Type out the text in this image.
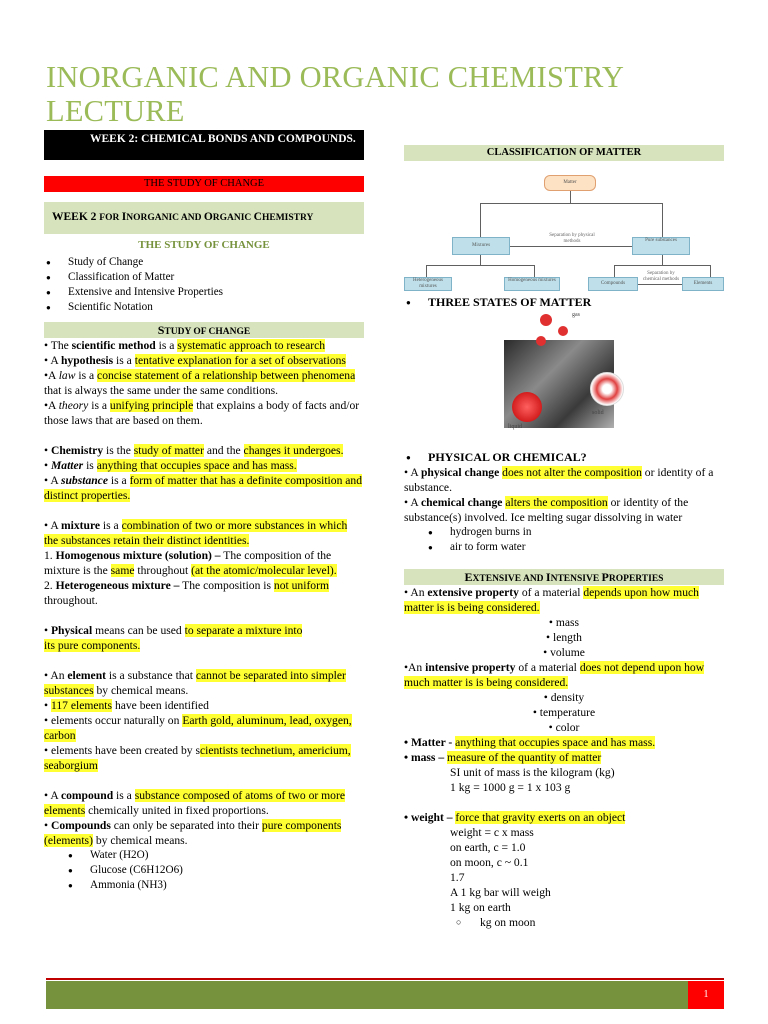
INORGANIC AND ORGANIC CHEMISTRY LECTURE
WEEK 2: CHEMICAL BONDS AND COMPOUNDS.
THE STUDY OF CHANGE
WEEK 2 FOR INORGANIC AND ORGANIC CHEMISTRY
THE STUDY OF CHANGE
● Study of Change
● Classification of Matter
● Extensive and Intensive Properties
● Scientific Notation
STUDY OF CHANGE

• The scientific method is a systematic approach to research

• A hypothesis is a tentative explanation for a set of observations

•A law is a concise statement of a relationship between phenomena that is always the same under the same conditions.

•A theory is a unifying principle that explains a body of facts and/or those laws that are based on them.

• Chemistry is the study of matter and the changes it undergoes.

• Matter is anything that occupies space and has mass.

• A substance is a form of matter that has a definite composition and distinct properties.

• A mixture is a combination of two or more substances in which the substances retain their distinct identities.

1. Homogenous mixture (solution) – The composition of the mixture is the same throughout (at the atomic/molecular level).

2. Heterogeneous mixture – The composition is not uniform throughout.

• Physical means can be used to separate a mixture into its pure components.

• An element is a substance that cannot be separated into simpler substances by chemical means.

• 117 elements have been identified

• elements occur naturally on Earth gold, aluminum, lead, oxygen, carbon

• elements have been created by scientists technetium, americium, seaborgium

• A compound is a substance composed of atoms of two or more elements chemically united in fixed proportions.

• Compounds can only be separated into their pure components (elements) by chemical means.

● Water (H2O)
● Glucose (C6H12O6)
● Ammonia (NH3)
CLASSIFICATION OF MATTER
Matter
Mixtures
Pure substances
Separation by physical methods
Heterogeneous mixtures
Homogeneous mixtures
Compounds
Separation by chemical methods
Elements
● THREE STATES OF MATTER
gas
liquid
solid
● PHYSICAL OR CHEMICAL?

• A physical change does not alter the composition or identity of a substance.

• A chemical change alters the composition or identity of the substance(s) involved. Ice melting sugar dissolving in water

● hydrogen burns in
● air to form water
EXTENSIVE AND INTENSIVE PROPERTIES

• An extensive property of a material depends upon how much matter is is being considered.

• mass

• length

• volume

•An intensive property of a material does not depend upon how much matter is is being considered.

• density

• temperature

• color

• Matter - anything that occupies space and has mass.

• mass – measure of the quantity of matter

SI unit of mass is the kilogram (kg)

1 kg = 1000 g = 1 x 103 g

• weight – force that gravity exerts on an object

weight = c x mass

on earth, c = 1.0

on moon, c ~ 0.1

1.7

A 1 kg bar will weigh

1 kg on earth

○ kg on moon

1
